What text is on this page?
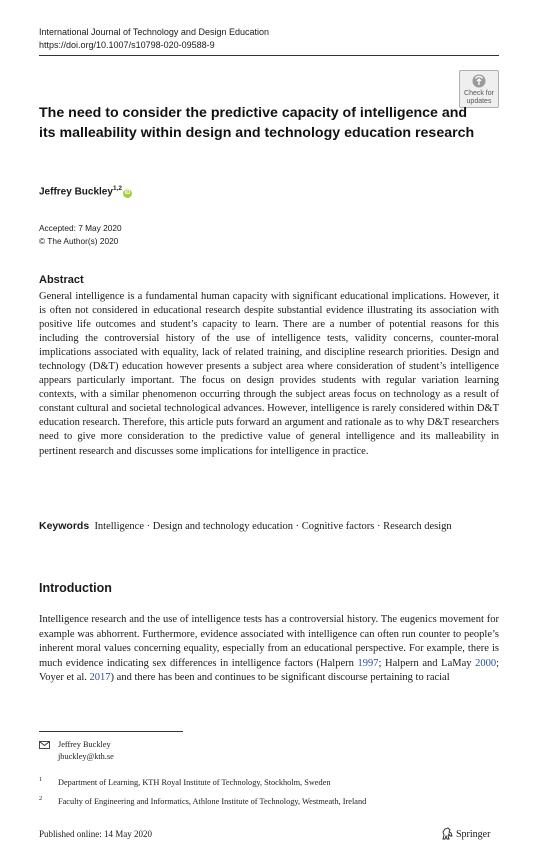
International Journal of Technology and Design Education
https://doi.org/10.1007/s10798-020-09588-9
Check for
updates
The need to consider the predictive capacity of intelligence and its malleability within design and technology education research
Jeffrey Buckley$^{1,2}$iD
Accepted: 7 May 2020
© The Author(s) 2020
Abstract
General intelligence is a fundamental human capacity with significant educational implications. However, it is often not considered in educational research despite substantial evidence illustrating its association with positive life outcomes and student’s capacity to learn. There are a number of potential reasons for this including the controversial history of the use of intelligence tests, validity concerns, counter-moral implications associated with equality, lack of related training, and discipline research priorities. Design and technology (D&T) education however presents a subject area where consideration of student’s intelligence appears particularly important. The focus on design provides students with regular variation learning contexts, with a similar phenomenon occurring through the subject areas focus on technology as a result of constant cultural and societal technological advances. However, intelligence is rarely considered within D&T education research. Therefore, this article puts forward an argument and rationale as to why D&T researchers need to give more consideration to the predictive value of general intelligence and its malleability in pertinent research and discusses some implications for intelligence in practice.
Keywords Intelligence · Design and technology education · Cognitive factors · Research design
Introduction
Intelligence research and the use of intelligence tests has a controversial history. The eugenics movement for example was abhorrent. Furthermore, evidence associated with intelligence can often run counter to people’s inherent moral values concerning equality, especially from an educational perspective. For example, there is much evidence indicating sex differences in intelligence factors (Halpern 1997; Halpern and LaMay 2000; Voyer et al. 2017) and there has been and continues to be significant discourse pertaining to racial
Jeffrey Buckley
jbuckley@kth.se
1 Department of Learning, KTH Royal Institute of Technology, Stockholm, Sweden
2 Faculty of Engineering and Informatics, Athlone Institute of Technology, Westmeath, Ireland
Published online: 14 May 2020	Springer
